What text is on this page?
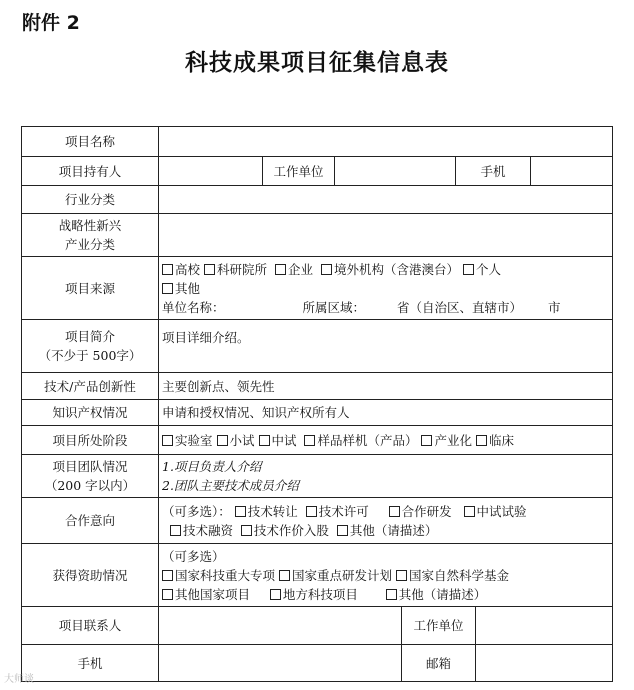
附件 2
科技成果项目征集信息表
项目名称							
项目持有人		工作单位			手机		
行业分类							

战略性新兴
产业分类							

项目来源	高校 科研院所 企业 境外机构（含港澳台） 个人
其他
单位名称： 所属区域： 省（自治区、直辖市） 市						

项目简介
（不少于 500字）	项目详细介绍。						
技术/产品创新性	主要创新点、领先性						
知识产权情况	申请和授权情况、知识产权所有人						
项目所处阶段	实验室 小试 中试 样品样机（产品） 产业化 临床						

项目团队情况
（200 字以内）	1.项目负责人介绍
2.团队主要技术成员介绍						

合作意向	（可多选）： 技术转让 技术许可 合作研发 中试试验
技术融资 技术作价入股 其他（请描述）						

获得资助情况	（可多选）
国家科技重大专项 国家重点研发计划 国家自然科学基金
其他国家项目 地方科技项目 其他（请描述）						

项目联系人				工作单位			
手机				邮箱			
大师谈
